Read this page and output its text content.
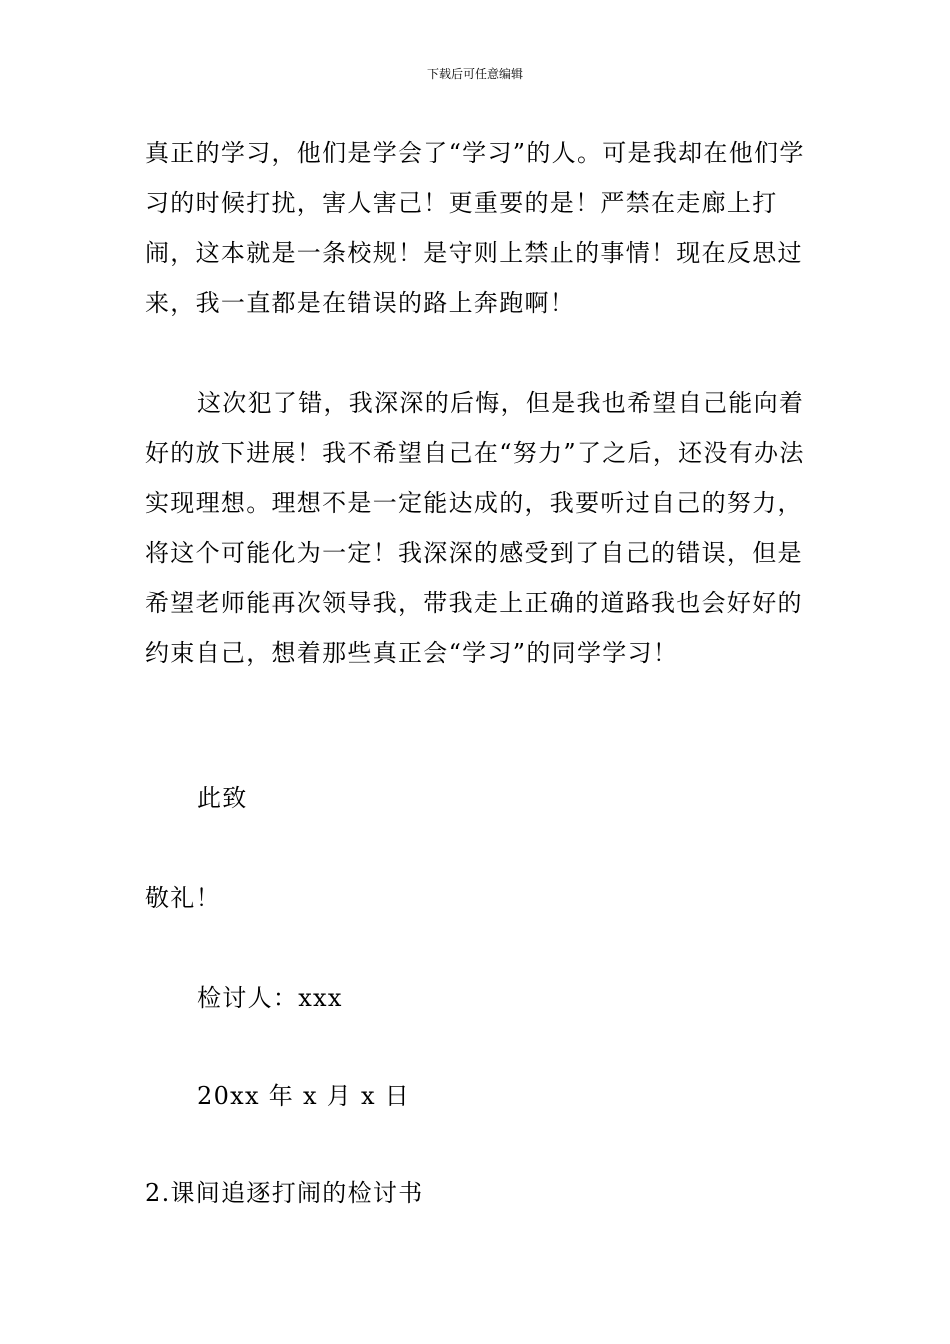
下载后可任意编辑
真正的学习，他们是学会了“学习”的人。可是我却在他们学习的时候打扰，害人害己！更重要的是！严禁在走廊上打闹，这本就是一条校规！是守则上禁止的事情！现在反思过来，我一直都是在错误的路上奔跑啊！
这次犯了错，我深深的后悔，但是我也希望自己能向着好的放下进展！我不希望自己在“努力”了之后，还没有办法实现理想。理想不是一定能达成的，我要听过自己的努力，将这个可能化为一定！我深深的感受到了自己的错误，但是希望老师能再次领导我，带我走上正确的道路我也会好好的约束自己，想着那些真正会“学习”的同学学习！
此致
敬礼！
检讨人：xxx
20xx 年 x 月 x 日
2.课间追逐打闹的检讨书
